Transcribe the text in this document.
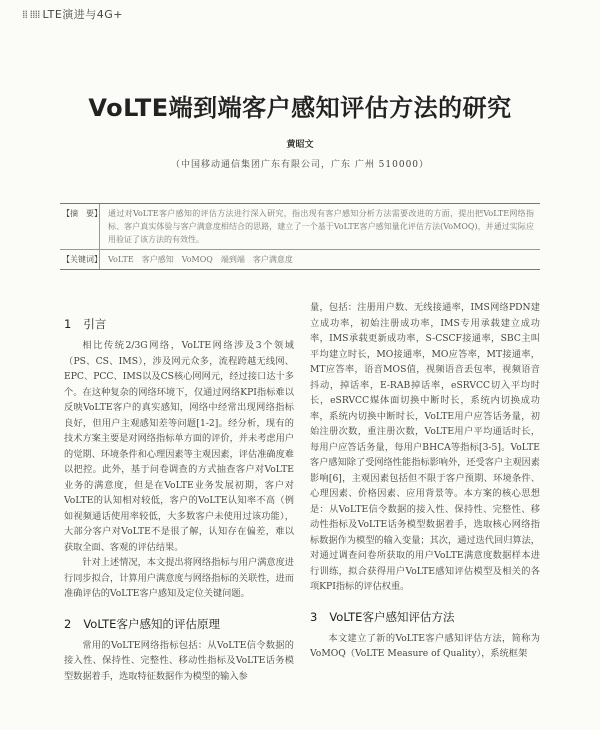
⁞⁞ ⁞⁞⁞⁞ LTE演进与4G+
VoLTE端到端客户感知评估方法的研究
黄昭文
（中国移动通信集团广东有限公司，广东 广州 510000）
【摘　要】 通过对VoLTE客户感知的评估方法进行深入研究，指出现有客户感知分析方法需要改进的方面，提出把VoLTE网络指标、客户真实体验与客户满意度相结合的思路，建立了一个基于VoLTE客户感知量化评估方法(VoMOQ)，并通过实际应用验证了该方法的有效性。
【关键词】 VoLTE　客户感知　VoMOQ　端到端　客户满意度
1 引言

相比传统2/3G网络，VoLTE网络涉及3个领域（PS、CS、IMS），涉及网元众多，流程跨越无线网、EPC、PCC、IMS以及CS核心网网元，经过接口达十多个。在这种复杂的网络环境下，仅通过网络KPI指标难以反映VoLTE客户的真实感知，网络中经常出现网络指标良好，但用户主观感知差等问题[1-2]。经分析，现有的技术方案主要是对网络指标单方面的评价，并未考虑用户的觉期、环境条件和心理因素等主观因素，评估准确度难以把控。此外，基于问卷调查的方式抽查客户对VoLTE业务的满意度，但是在VoLTE业务发展初期，客户对VoLTE的认知相对较低，客户的VoLTE认知率不高（例如视频通话使用率较低，大多数客户未使用过该功能），大部分客户对VoLTE不是很了解，认知存在偏差，难以获取全面、客观的评估结果。

针对上述情况，本文提出将网络指标与用户满意度进行同步拟合，计算用户满意度与网络指标的关联性，进而准确评估的VoLTE客户感知及定位关键问题。

2 VoLTE客户感知的评估原理

常用的VoLTE网络指标包括：从VoLTE信令数据的接入性、保持性、完整性、移动性指标及VoLTE话务模型数据着手，选取特征数据作为模型的输入参

量，包括：注册用户数、无线接通率，IMS网络PDN建立成功率，初始注册成功率，IMS专用承载建立成功率，IMS承载更新成功率，S-CSCF接通率，SBC主叫平均建立时长，MO接通率，MO应答率，MT接通率，MT应答率，语音MOS值，视频语音丢包率，视频语音抖动，掉话率，E-RAB掉话率，eSRVCC切入平均时长，eSRVCC媒体面切换中断时长，系统内切换成功率，系统内切换中断时长，VoLTE用户应答话务量，初始注册次数，重注册次数，VoLTE用户平均通话时长，每用户应答话务量，每用户BHCA等指标[3-5]。VoLTE客户感知除了受网络性能指标影响外，还受客户主观因素影响[6]，主观因素包括但不限于客户预期、环境条件、心理因素、价格因素、应用背景等。本方案的核心思想是：从VoLTE信令数据的接入性、保持性、完整性、移动性指标及VoLTE话务模型数据着手，选取核心网络指标数据作为模型的输入变量；其次，通过迭代回归算法，对通过调查问卷所获取的用户VoLTE满意度数据样本进行训练，拟合获得用户VoLTE感知评估模型及相关的各项KPI指标的评估权重。

3 VoLTE客户感知评估方法

本文建立了新的VoLTE客户感知评估方法，简称为VoMOQ（VoLTE Measure of Quality），系统框架
